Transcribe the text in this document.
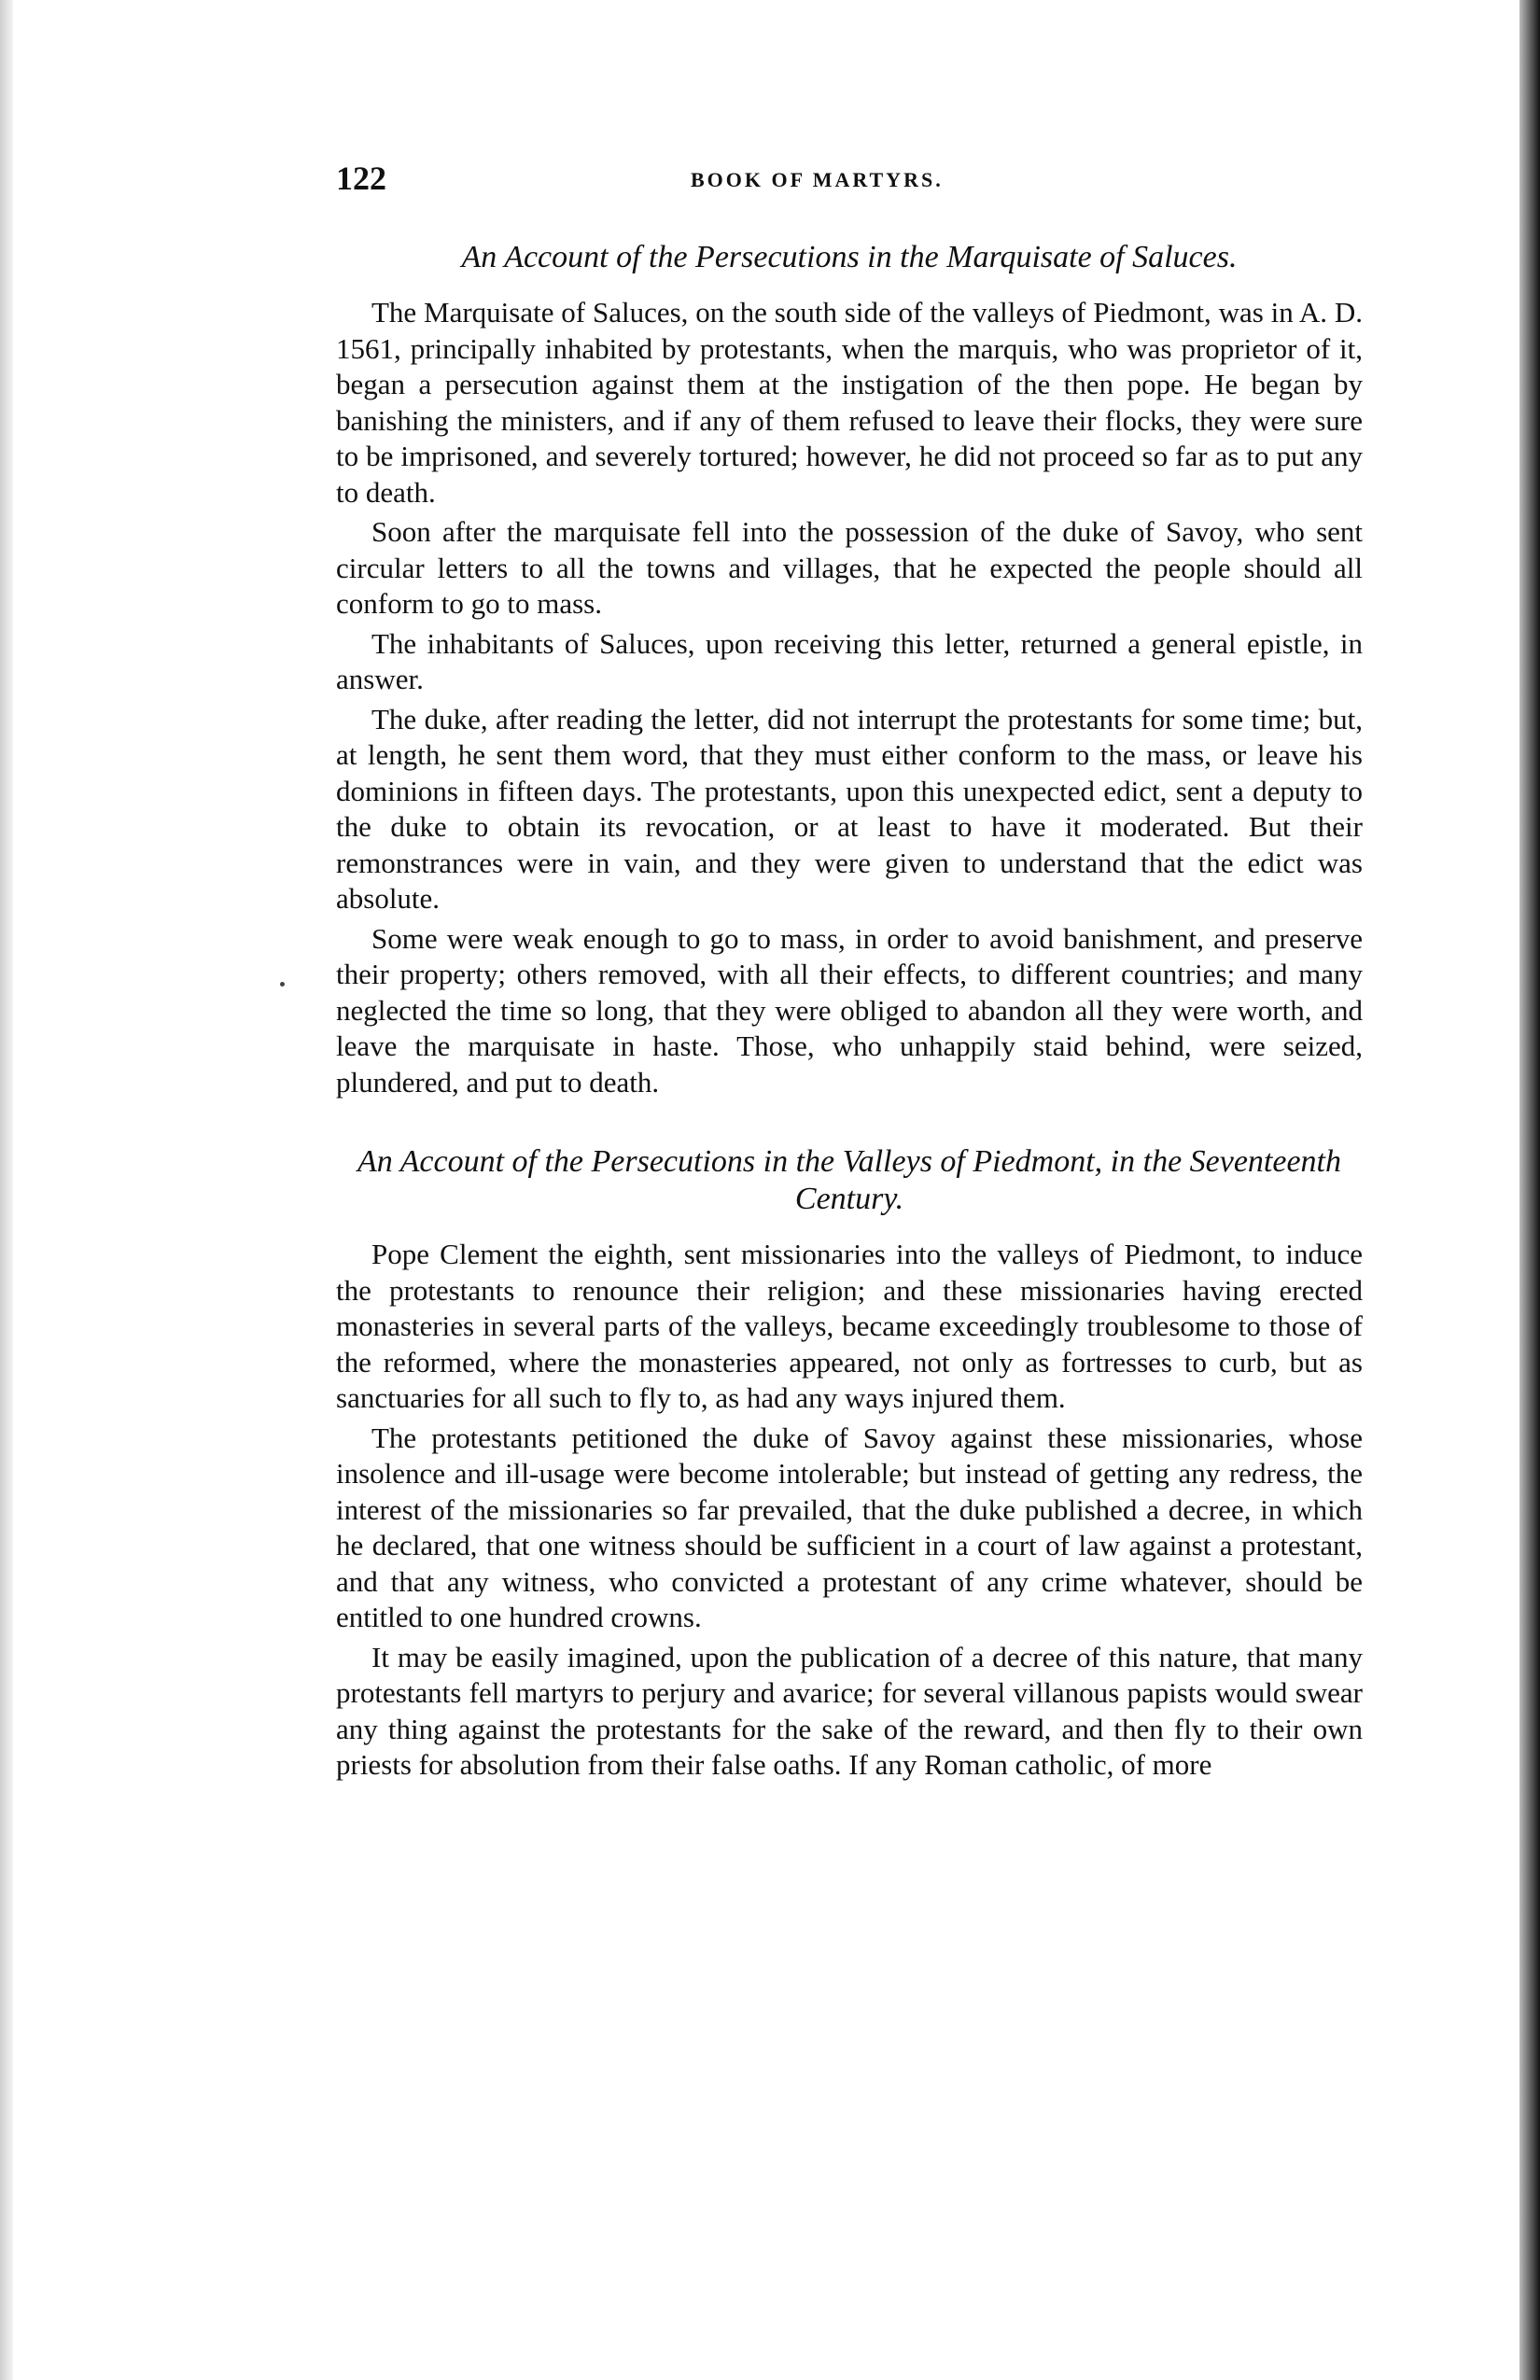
122	BOOK OF MARTYRS.
An Account of the Persecutions in the Marquisate of Saluces.

The Marquisate of Saluces, on the south side of the valleys of Piedmont, was in A. D. 1561, principally inhabited by protestants, when the marquis, who was proprietor of it, began a persecution against them at the instigation of the then pope. He began by banishing the ministers, and if any of them refused to leave their flocks, they were sure to be imprisoned, and severely tortured; however, he did not proceed so far as to put any to death.

Soon after the marquisate fell into the possession of the duke of Savoy, who sent circular letters to all the towns and villages, that he expected the people should all conform to go to mass.

The inhabitants of Saluces, upon receiving this letter, returned a general epistle, in answer.

The duke, after reading the letter, did not interrupt the protestants for some time; but, at length, he sent them word, that they must either conform to the mass, or leave his dominions in fifteen days. The protestants, upon this unexpected edict, sent a deputy to the duke to obtain its revocation, or at least to have it moderated. But their remonstrances were in vain, and they were given to understand that the edict was absolute.

Some were weak enough to go to mass, in order to avoid banishment, and preserve their property; others removed, with all their effects, to different countries; and many neglected the time so long, that they were obliged to abandon all they were worth, and leave the marquisate in haste. Those, who unhappily staid behind, were seized, plundered, and put to death.

An Account of the Persecutions in the Valleys of Piedmont, in the Seventeenth Century.

Pope Clement the eighth, sent missionaries into the valleys of Piedmont, to induce the protestants to renounce their religion; and these missionaries having erected monasteries in several parts of the valleys, became exceedingly troublesome to those of the reformed, where the monasteries appeared, not only as fortresses to curb, but as sanctuaries for all such to fly to, as had any ways injured them.

The protestants petitioned the duke of Savoy against these missionaries, whose insolence and ill-usage were become intolerable; but instead of getting any redress, the interest of the missionaries so far prevailed, that the duke published a decree, in which he declared, that one witness should be sufficient in a court of law against a protestant, and that any witness, who convicted a protestant of any crime whatever, should be entitled to one hundred crowns.

It may be easily imagined, upon the publication of a decree of this nature, that many protestants fell martyrs to perjury and avarice; for several villanous papists would swear any thing against the protestants for the sake of the reward, and then fly to their own priests for absolution from their false oaths. If any Roman catholic, of more
